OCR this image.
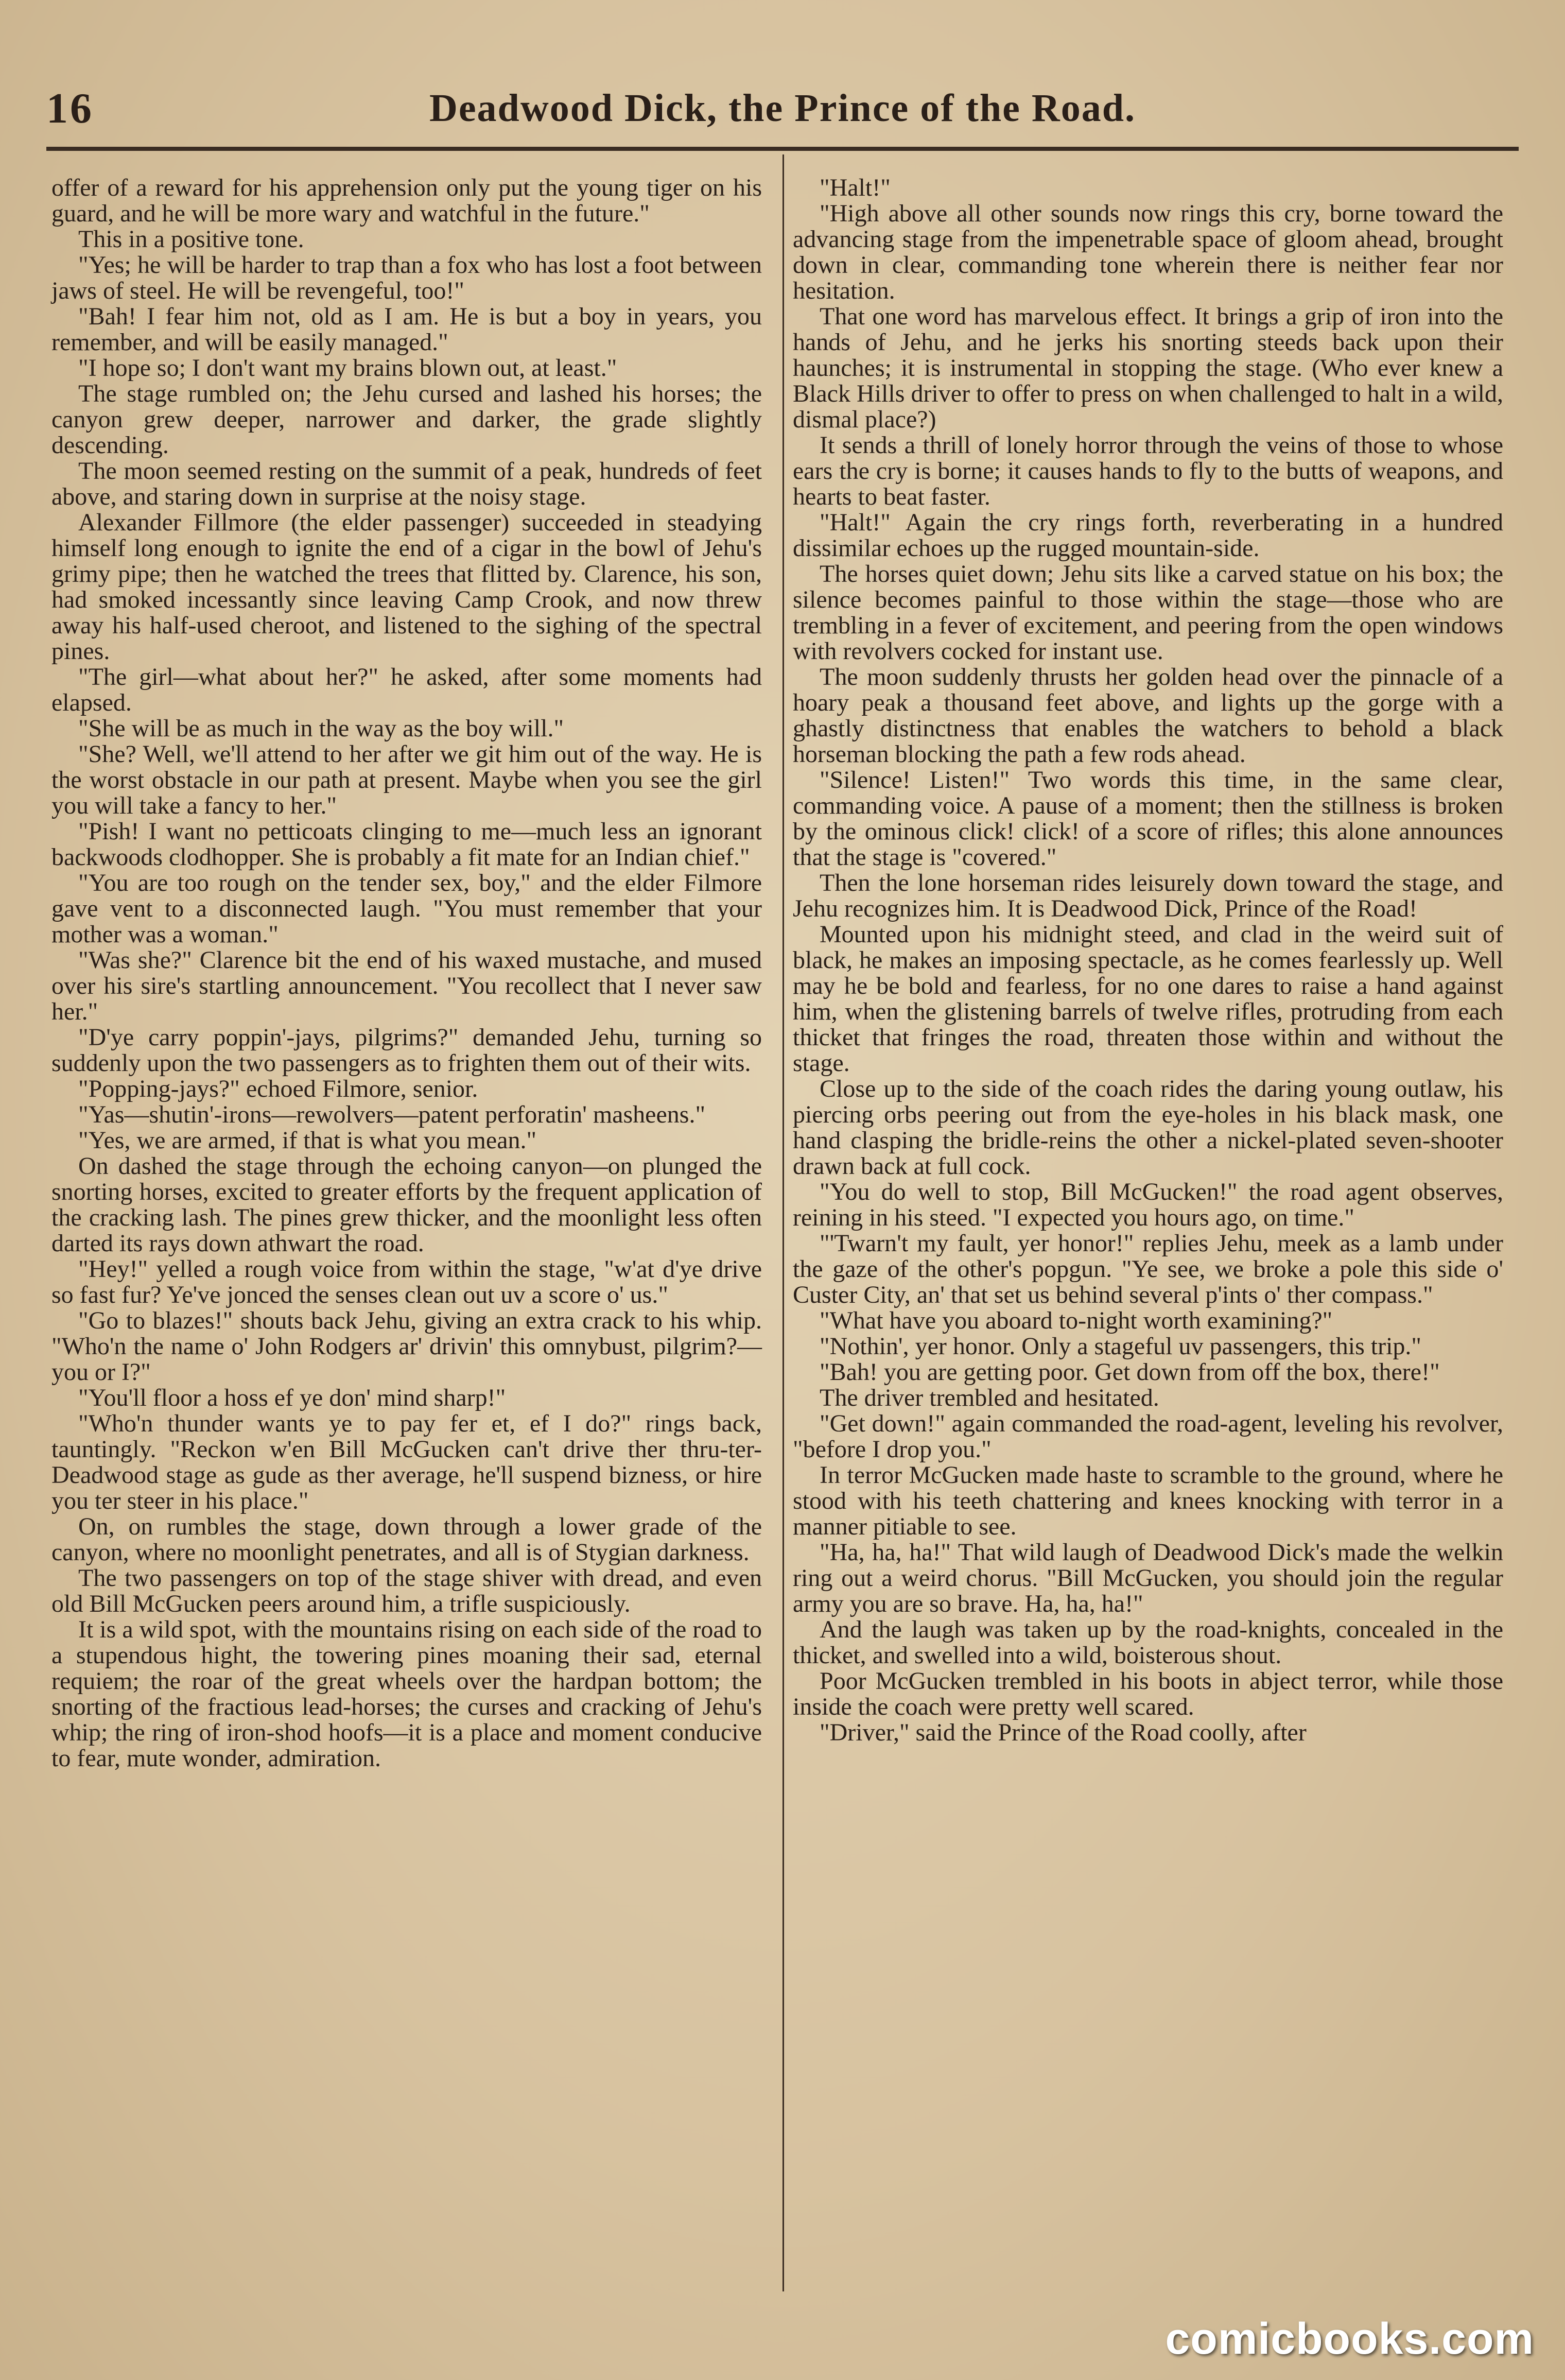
16	Deadwood Dick, the Prince of the Road.

offer of a reward for his apprehension only put the young tiger on his guard, and he will be more wary and watchful in the future."

This in a positive tone.

"Yes; he will be harder to trap than a fox who has lost a foot between jaws of steel. He will be revengeful, too!"

"Bah! I fear him not, old as I am. He is but a boy in years, you remember, and will be easily managed."

"I hope so; I don't want my brains blown out, at least."

The stage rumbled on; the Jehu cursed and lashed his horses; the canyon grew deeper, narrower and darker, the grade slightly descending.

The moon seemed resting on the summit of a peak, hundreds of feet above, and staring down in surprise at the noisy stage.

Alexander Fillmore (the elder passenger) succeeded in steadying himself long enough to ignite the end of a cigar in the bowl of Jehu's grimy pipe; then he watched the trees that flitted by. Clarence, his son, had smoked incessantly since leaving Camp Crook, and now threw away his half-used cheroot, and listened to the sighing of the spectral pines.

"The girl—what about her?" he asked, after some moments had elapsed.

"She will be as much in the way as the boy will."

"She? Well, we'll attend to her after we git him out of the way. He is the worst obstacle in our path at present. Maybe when you see the girl you will take a fancy to her."

"Pish! I want no petticoats clinging to me—much less an ignorant backwoods clodhopper. She is probably a fit mate for an Indian chief."

"You are too rough on the tender sex, boy," and the elder Filmore gave vent to a disconnected laugh. "You must remember that your mother was a woman."

"Was she?" Clarence bit the end of his waxed mustache, and mused over his sire's startling announcement. "You recollect that I never saw her."

"D'ye carry poppin'-jays, pilgrims?" demanded Jehu, turning so suddenly upon the two passengers as to frighten them out of their wits.

"Popping-jays?" echoed Filmore, senior.

"Yas—shutin'-irons—rewolvers—patent perforatin' masheens."

"Yes, we are armed, if that is what you mean."

On dashed the stage through the echoing canyon—on plunged the snorting horses, excited to greater efforts by the frequent application of the cracking lash. The pines grew thicker, and the moonlight less often darted its rays down athwart the road.

"Hey!" yelled a rough voice from within the stage, "w'at d'ye drive so fast fur? Ye've jonced the senses clean out uv a score o' us."

"Go to blazes!" shouts back Jehu, giving an extra crack to his whip. "Who'n the name o' John Rodgers ar' drivin' this omnybust, pilgrim?—you or I?"

"You'll floor a hoss ef ye don' mind sharp!"

"Who'n thunder wants ye to pay fer et, ef I do?" rings back, tauntingly. "Reckon w'en Bill McGucken can't drive ther thru-ter-Deadwood stage as gude as ther average, he'll suspend bizness, or hire you ter steer in his place."

On, on rumbles the stage, down through a lower grade of the canyon, where no moonlight penetrates, and all is of Stygian darkness.

The two passengers on top of the stage shiver with dread, and even old Bill McGucken peers around him, a trifle suspiciously.

It is a wild spot, with the mountains rising on each side of the road to a stupendous hight, the towering pines moaning their sad, eternal requiem; the roar of the great wheels over the hardpan bottom; the snorting of the fractious lead-horses; the curses and cracking of Jehu's whip; the ring of iron-shod hoofs—it is a place and moment conducive to fear, mute wonder, admiration.

"Halt!"

"High above all other sounds now rings this cry, borne toward the advancing stage from the impenetrable space of gloom ahead, brought down in clear, commanding tone wherein there is neither fear nor hesitation.

That one word has marvelous effect. It brings a grip of iron into the hands of Jehu, and he jerks his snorting steeds back upon their haunches; it is instrumental in stopping the stage. (Who ever knew a Black Hills driver to offer to press on when challenged to halt in a wild, dismal place?)

It sends a thrill of lonely horror through the veins of those to whose ears the cry is borne; it causes hands to fly to the butts of weapons, and hearts to beat faster.

"Halt!" Again the cry rings forth, reverberating in a hundred dissimilar echoes up the rugged mountain-side.

The horses quiet down; Jehu sits like a carved statue on his box; the silence becomes painful to those within the stage—those who are trembling in a fever of excitement, and peering from the open windows with revolvers cocked for instant use.

The moon suddenly thrusts her golden head over the pinnacle of a hoary peak a thousand feet above, and lights up the gorge with a ghastly distinctness that enables the watchers to behold a black horseman blocking the path a few rods ahead.

"Silence! Listen!" Two words this time, in the same clear, commanding voice. A pause of a moment; then the stillness is broken by the ominous click! click! of a score of rifles; this alone announces that the stage is "covered."

Then the lone horseman rides leisurely down toward the stage, and Jehu recognizes him. It is Deadwood Dick, Prince of the Road!

Mounted upon his midnight steed, and clad in the weird suit of black, he makes an imposing spectacle, as he comes fearlessly up. Well may he be bold and fearless, for no one dares to raise a hand against him, when the glistening barrels of twelve rifles, protruding from each thicket that fringes the road, threaten those within and without the stage.

Close up to the side of the coach rides the daring young outlaw, his piercing orbs peering out from the eye-holes in his black mask, one hand clasping the bridle-reins the other a nickel-plated seven-shooter drawn back at full cock.

"You do well to stop, Bill McGucken!" the road agent observes, reining in his steed. "I expected you hours ago, on time."

"'Twarn't my fault, yer honor!" replies Jehu, meek as a lamb under the gaze of the other's popgun. "Ye see, we broke a pole this side o' Custer City, an' that set us behind several p'ints o' ther compass."

"What have you aboard to-night worth examining?"

"Nothin', yer honor. Only a stageful uv passengers, this trip."

"Bah! you are getting poor. Get down from off the box, there!"

The driver trembled and hesitated.

"Get down!" again commanded the road-agent, leveling his revolver, "before I drop you."

In terror McGucken made haste to scramble to the ground, where he stood with his teeth chattering and knees knocking with terror in a manner pitiable to see.

"Ha, ha, ha!" That wild laugh of Deadwood Dick's made the welkin ring out a weird chorus. "Bill McGucken, you should join the regular army you are so brave. Ha, ha, ha!"

And the laugh was taken up by the road-knights, concealed in the thicket, and swelled into a wild, boisterous shout.

Poor McGucken trembled in his boots in abject terror, while those inside the coach were pretty well scared.

"Driver," said the Prince of the Road coolly, after

comicbooks.com
